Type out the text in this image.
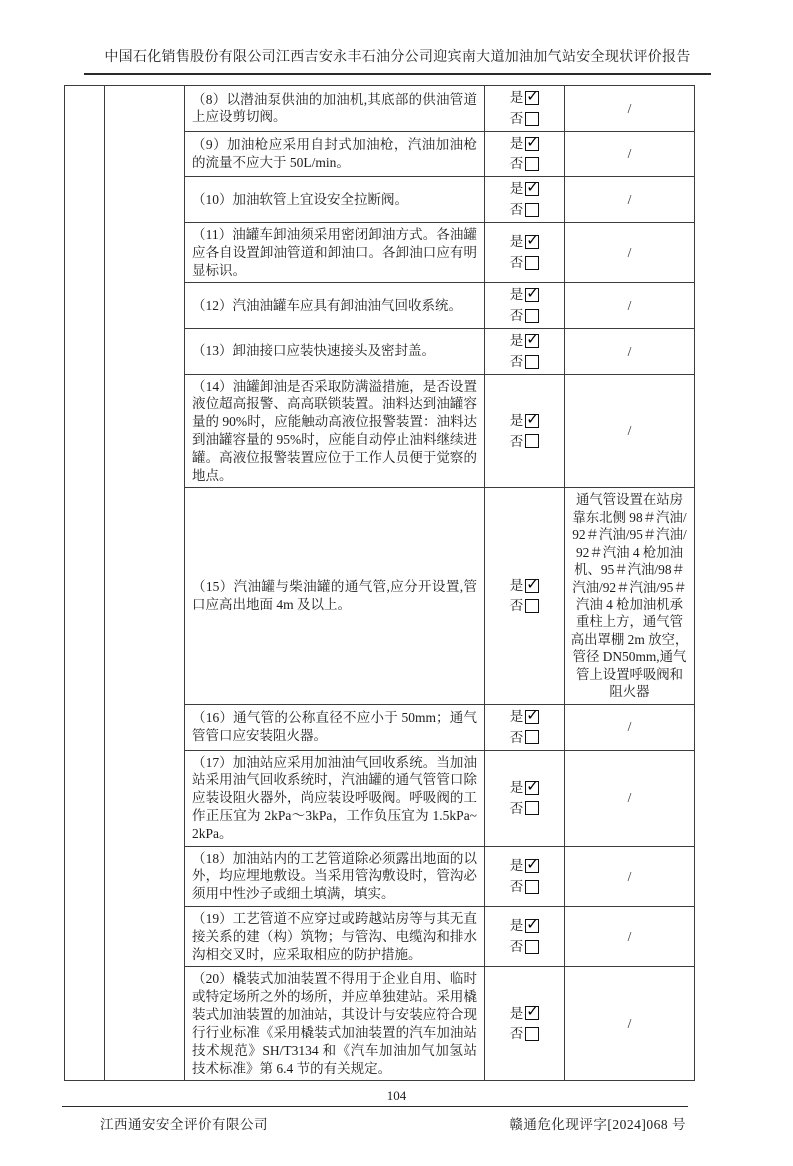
中国石化销售股份有限公司江西吉安永丰石油分公司迎宾南大道加油加气站安全现状评价报告
（8）以潜油泵供油的加油机,其底部的供油管道上应设剪切阀。
是
✓
否
/
（9）加油枪应采用自封式加油枪，汽油加油枪的流量不应大于 50L/min。
是
✓
否
/
（10）加油软管上宜设安全拉断阀。
是
✓
否
/
（11）油罐车卸油须采用密闭卸油方式。各油罐应各自设置卸油管道和卸油口。各卸油口应有明显标识。
是
✓
否
/
（12）汽油油罐车应具有卸油油气回收系统。
是
✓
否
/
（13）卸油接口应装快速接头及密封盖。
是
✓
否
/
（14）油罐卸油是否采取防满溢措施，是否设置液位超高报警、高高联锁装置。油料达到油罐容量的 90%时，应能触动高液位报警装置：油料达到油罐容量的 95%时，应能自动停止油料继续进罐。高液位报警装置应位于工作人员便于觉察的地点。
是
✓
否
/
（15）汽油罐与柴油罐的通气管,应分开设置,管口应高出地面 4m 及以上。
是
✓
否
通气管设置在站房靠东北侧 98＃汽油/92＃汽油/95＃汽油/92＃汽油 4 枪加油机、95＃汽油/98＃汽油/92＃汽油/95＃汽油 4 枪加油机承重柱上方，通气管高出罩棚 2m 放空，管径 DN50mm,通气管上设置呼吸阀和阻火器
（16）通气管的公称直径不应小于 50mm；通气管管口应安装阻火器。
是
✓
否
/
（17）加油站应采用加油油气回收系统。当加油站采用油气回收系统时，汽油罐的通气管管口除应装设阻火器外，尚应装设呼吸阀。呼吸阀的工作正压宜为 2kPa～3kPa，工作负压宜为 1.5kPa~2kPa。
是
✓
否
/
（18）加油站内的工艺管道除必须露出地面的以外，均应埋地敷设。当采用管沟敷设时，管沟必须用中性沙子或细土填满，填实。
是
✓
否
/
（19）工艺管道不应穿过或跨越站房等与其无直接关系的建（构）筑物；与管沟、电缆沟和排水沟相交叉时，应采取相应的防护措施。
是
✓
否
/
（20）橇装式加油装置不得用于企业自用、临时或特定场所之外的场所，并应单独建站。采用橇装式加油装置的加油站，其设计与安装应符合现行行业标准《采用橇装式加油装置的汽车加油站技术规范》SH/T3134 和《汽车加油加气加氢站技术标准》第 6.4 节的有关规定。
是
✓
否
/
104
江西通安安全评价有限公司	赣通危化现评字[2024]068 号
